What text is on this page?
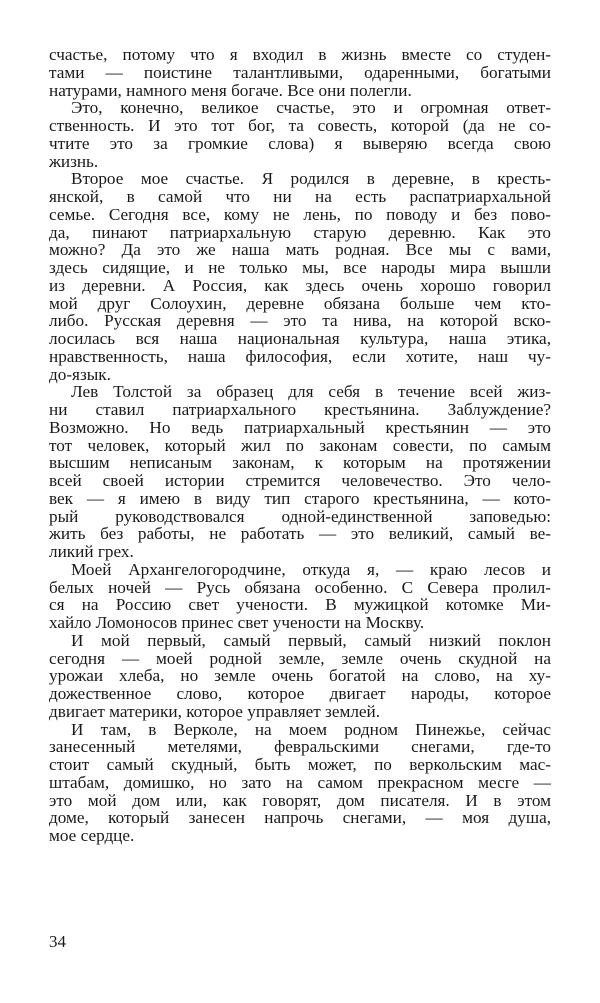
счастье, потому что я входил в жизнь вместе со студен-
тами — поистине талантливыми, одаренными, богатыми
натурами, намного меня богаче. Все они полегли.
Это, конечно, великое счастье, это и огромная ответ-
ственность. И это тот бог, та совесть, которой (да не со-
чтите это за громкие слова) я выверяю всегда свою
жизнь.
Второе мое счастье. Я родился в деревне, в кресть-
янской, в самой что ни на есть распатриархальной
семье. Сегодня все, кому не лень, по поводу и без пово-
да, пинают патриархальную старую деревню. Как это
можно? Да это же наша мать родная. Все мы с вами,
здесь сидящие, и не только мы, все народы мира вышли
из деревни. А Россия, как здесь очень хорошо говорил
мой друг Солоухин, деревне обязана больше чем кто-
либо. Русская деревня — это та нива, на которой вско-
лосилась вся наша национальная культура, наша этика,
нравственность, наша философия, если хотите, наш чу-
до-язык.
Лев Толстой за образец для себя в течение всей жиз-
ни ставил патриархального крестьянина. Заблуждение?
Возможно. Но ведь патриархальный крестьянин — это
тот человек, который жил по законам совести, по самым
высшим неписаным законам, к которым на протяжении
всей своей истории стремится человечество. Это чело-
век — я имею в виду тип старого крестьянина, — кото-
рый руководствовался одной-единственной заповедью:
жить без работы, не работать — это великий, самый ве-
ликий грех.
Моей Архангелогородчине, откуда я, — краю лесов и
белых ночей — Русь обязана особенно. С Севера пролил-
ся на Россию свет учености. В мужицкой котомке Ми-
хайло Ломоносов принес свет учености на Москву.
И мой первый, самый первый, самый низкий поклон
сегодня — моей родной земле, земле очень скудной на
урожаи хлеба, но земле очень богатой на слово, на ху-
дожественное слово, которое двигает народы, которое
двигает материки, которое управляет землей.
И там, в Верколе, на моем родном Пинежье, сейчас
занесенный метелями, февральскими снегами, где-то
стоит самый скудный, быть может, по веркольским мас-
штабам, домишко, но зато на самом прекрасном месге —
это мой дом или, как говорят, дом писателя. И в этом
доме, который занесен напрочь снегами, — моя душа,
мое сердце.
34
